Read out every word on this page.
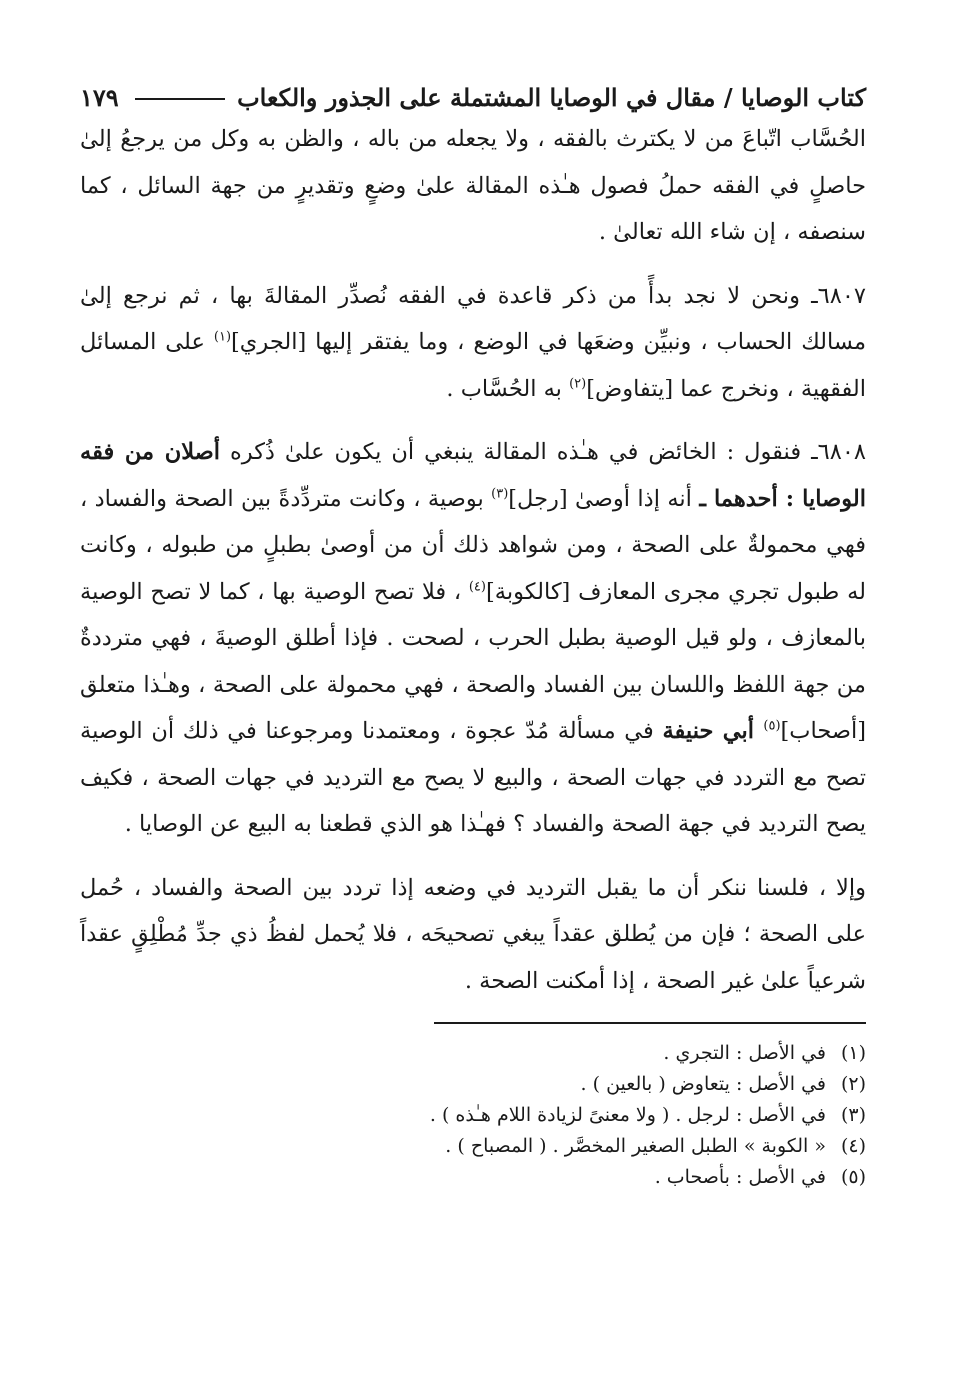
كتاب الوصايا / مقال في الوصايا المشتملة على الجذور والكعاب
١٧٩

الحُسَّاب اتّباعَ من لا يكترث بالفقه ، ولا يجعله من باله ، والظن به وكل من يرجعُ إلىٰ حاصلٍ في الفقه حملُ فصول هـٰذه المقالة علىٰ وضعٍ وتقديرٍ من جهة السائل ، كما سنصفه ، إن شاء الله تعالىٰ .

٦٨٠٧ـ ونحن لا نجد بدأً من ذكر قاعدة في الفقه نُصدِّر المقالةَ بها ، ثم نرجع إلىٰ مسالك الحساب ، ونبيِّن وضعَها في الوضع ، وما يفتقر إليها [الجري]$^{(١)}$ على المسائل الفقهية ، ونخرج عما [يتفاوض]$^{(٢)}$ به الحُسَّاب .

٦٨٠٨ـ فنقول : الخائض في هـٰذه المقالة ينبغي أن يكون علىٰ ذُكره أصلان من فقه الوصايا : أحدهما ـ أنه إذا أوصىٰ [رجل]$^{(٣)}$ بوصية ، وكانت متردِّدةً بين الصحة والفساد ، فهي محمولةٌ على الصحة ، ومن شواهد ذلك أن من أوصىٰ بطبلٍ من طبوله ، وكانت له طبول تجري مجرى المعازف [كالكوبة]$^{(٤)}$ ، فلا تصح الوصية بها ، كما لا تصح الوصية بالمعازف ، ولو قيل الوصية بطبل الحرب ، لصحت . فإذا أطلق الوصيةَ ، فهي مترددةٌ من جهة اللفظ واللسان بين الفساد والصحة ، فهي محمولة على الصحة ، وهـٰذا متعلق [أصحاب]$^{(٥)}$ أبي حنيفة في مسألة مُدّ عجوة ، ومعتمدنا ومرجوعنا في ذلك أن الوصية تصح مع التردد في جهات الصحة ، والبيع لا يصح مع الترديد في جهات الصحة ، فكيف يصح الترديد في جهة الصحة والفساد ؟ فهـٰذا هو الذي قطعنا به البيع عن الوصايا .

وإلا ، فلسنا ننكر أن ما يقبل الترديد في وضعه إذا تردد بين الصحة والفساد ، حُمل على الصحة ؛ فإن من يُطلق عقداً يبغي تصحيحَه ، فلا يُحمل لفظُ ذي جدِّ مُطْلِقٍ عقداً شرعياً علىٰ غير الصحة ، إذا أمكنت الصحة .

(١)
في الأصل : التجري .
(٢)
في الأصل : يتعاوض ( بالعين ) .
(٣)
في الأصل : لرجل . ( ولا معنىً لزيادة اللام هـٰذه ) .
(٤)
« الكوبة » الطبل الصغير المخصَّر . ( المصباح ) .
(٥)
في الأصل : بأصحاب .
